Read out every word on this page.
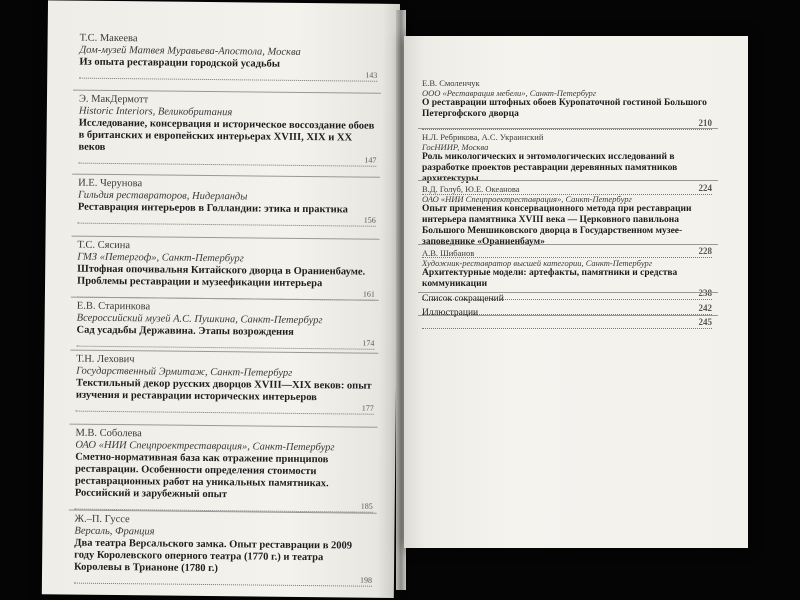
Т.С. Макеева
Дом-музей Матвея Муравьева-Апостола, Москва
Из опыта реставрации городской усадьбы
143
Э. МакДермотт
Historic Interiors, Великобритания
Исследование, консервация и историческое воссоздание обоев в британских и европейских интерьерах XVIII, XIX и XX веков
147
И.Е. Черунова
Гильдия реставраторов, Нидерланды
Реставрация интерьеров в Голландии: этика и практика
156
Т.С. Сясина
ГМЗ «Петергоф», Санкт-Петербург
Штофная опочивальня Китайского дворца в Ораниенбауме. Проблемы реставрации и музеефикации интерьера
161
Е.В. Старинкова
Всероссийский музей А.С. Пушкина, Санкт-Петербург
Сад усадьбы Державина. Этапы возрождения
174
Т.Н. Лехович
Государственный Эрмитаж, Санкт-Петербург
Текстильный декор русских дворцов XVIII—XIX веков: опыт изучения и реставрации исторических интерьеров
177
М.В. Соболева
ОАО «НИИ Спецпроектреставрация», Санкт-Петербург
Сметно-нормативная база как отражение принципов реставрации. Особенности определения стоимости реставрационных работ на уникальных памятниках. Российский и зарубежный опыт
185
Ж.–П. Гуссе
Версаль, Франция
Два театра Версальского замка. Опыт реставрации в 2009 году Королевского оперного театра (1770 г.) и театра Королевы в Трианоне (1780 г.)
198
Е.В. Смоленчук
ООО «Реставрация мебели», Санкт-Петербург
О реставрации штофных обоев Куропаточной гостиной Большого Петергофского дворца
210
Н.Л. Ребрикова, А.С. Украинский
ГосНИИР, Москва
Роль микологических и энтомологических исследований в разработке проектов реставрации деревянных памятников архитектуры
224
В.Д. Голуб, Ю.Е. Океанова
ОАО «НИИ Спецпроектреставрация», Санкт-Петербург
Опыт применения консервационного метода при реставрации интерьера памятника XVIII века — Церковного павильона Большого Меншиковского дворца в Государственном музее-заповеднике «Ораниенбаум»
228
А.В. Шибанов
Художник-реставратор высшей категории, Санкт-Петербург
Архитектурные модели: артефакты, памятники и средства коммуникации
238
Список сокращений
242
Иллюстрации
245
